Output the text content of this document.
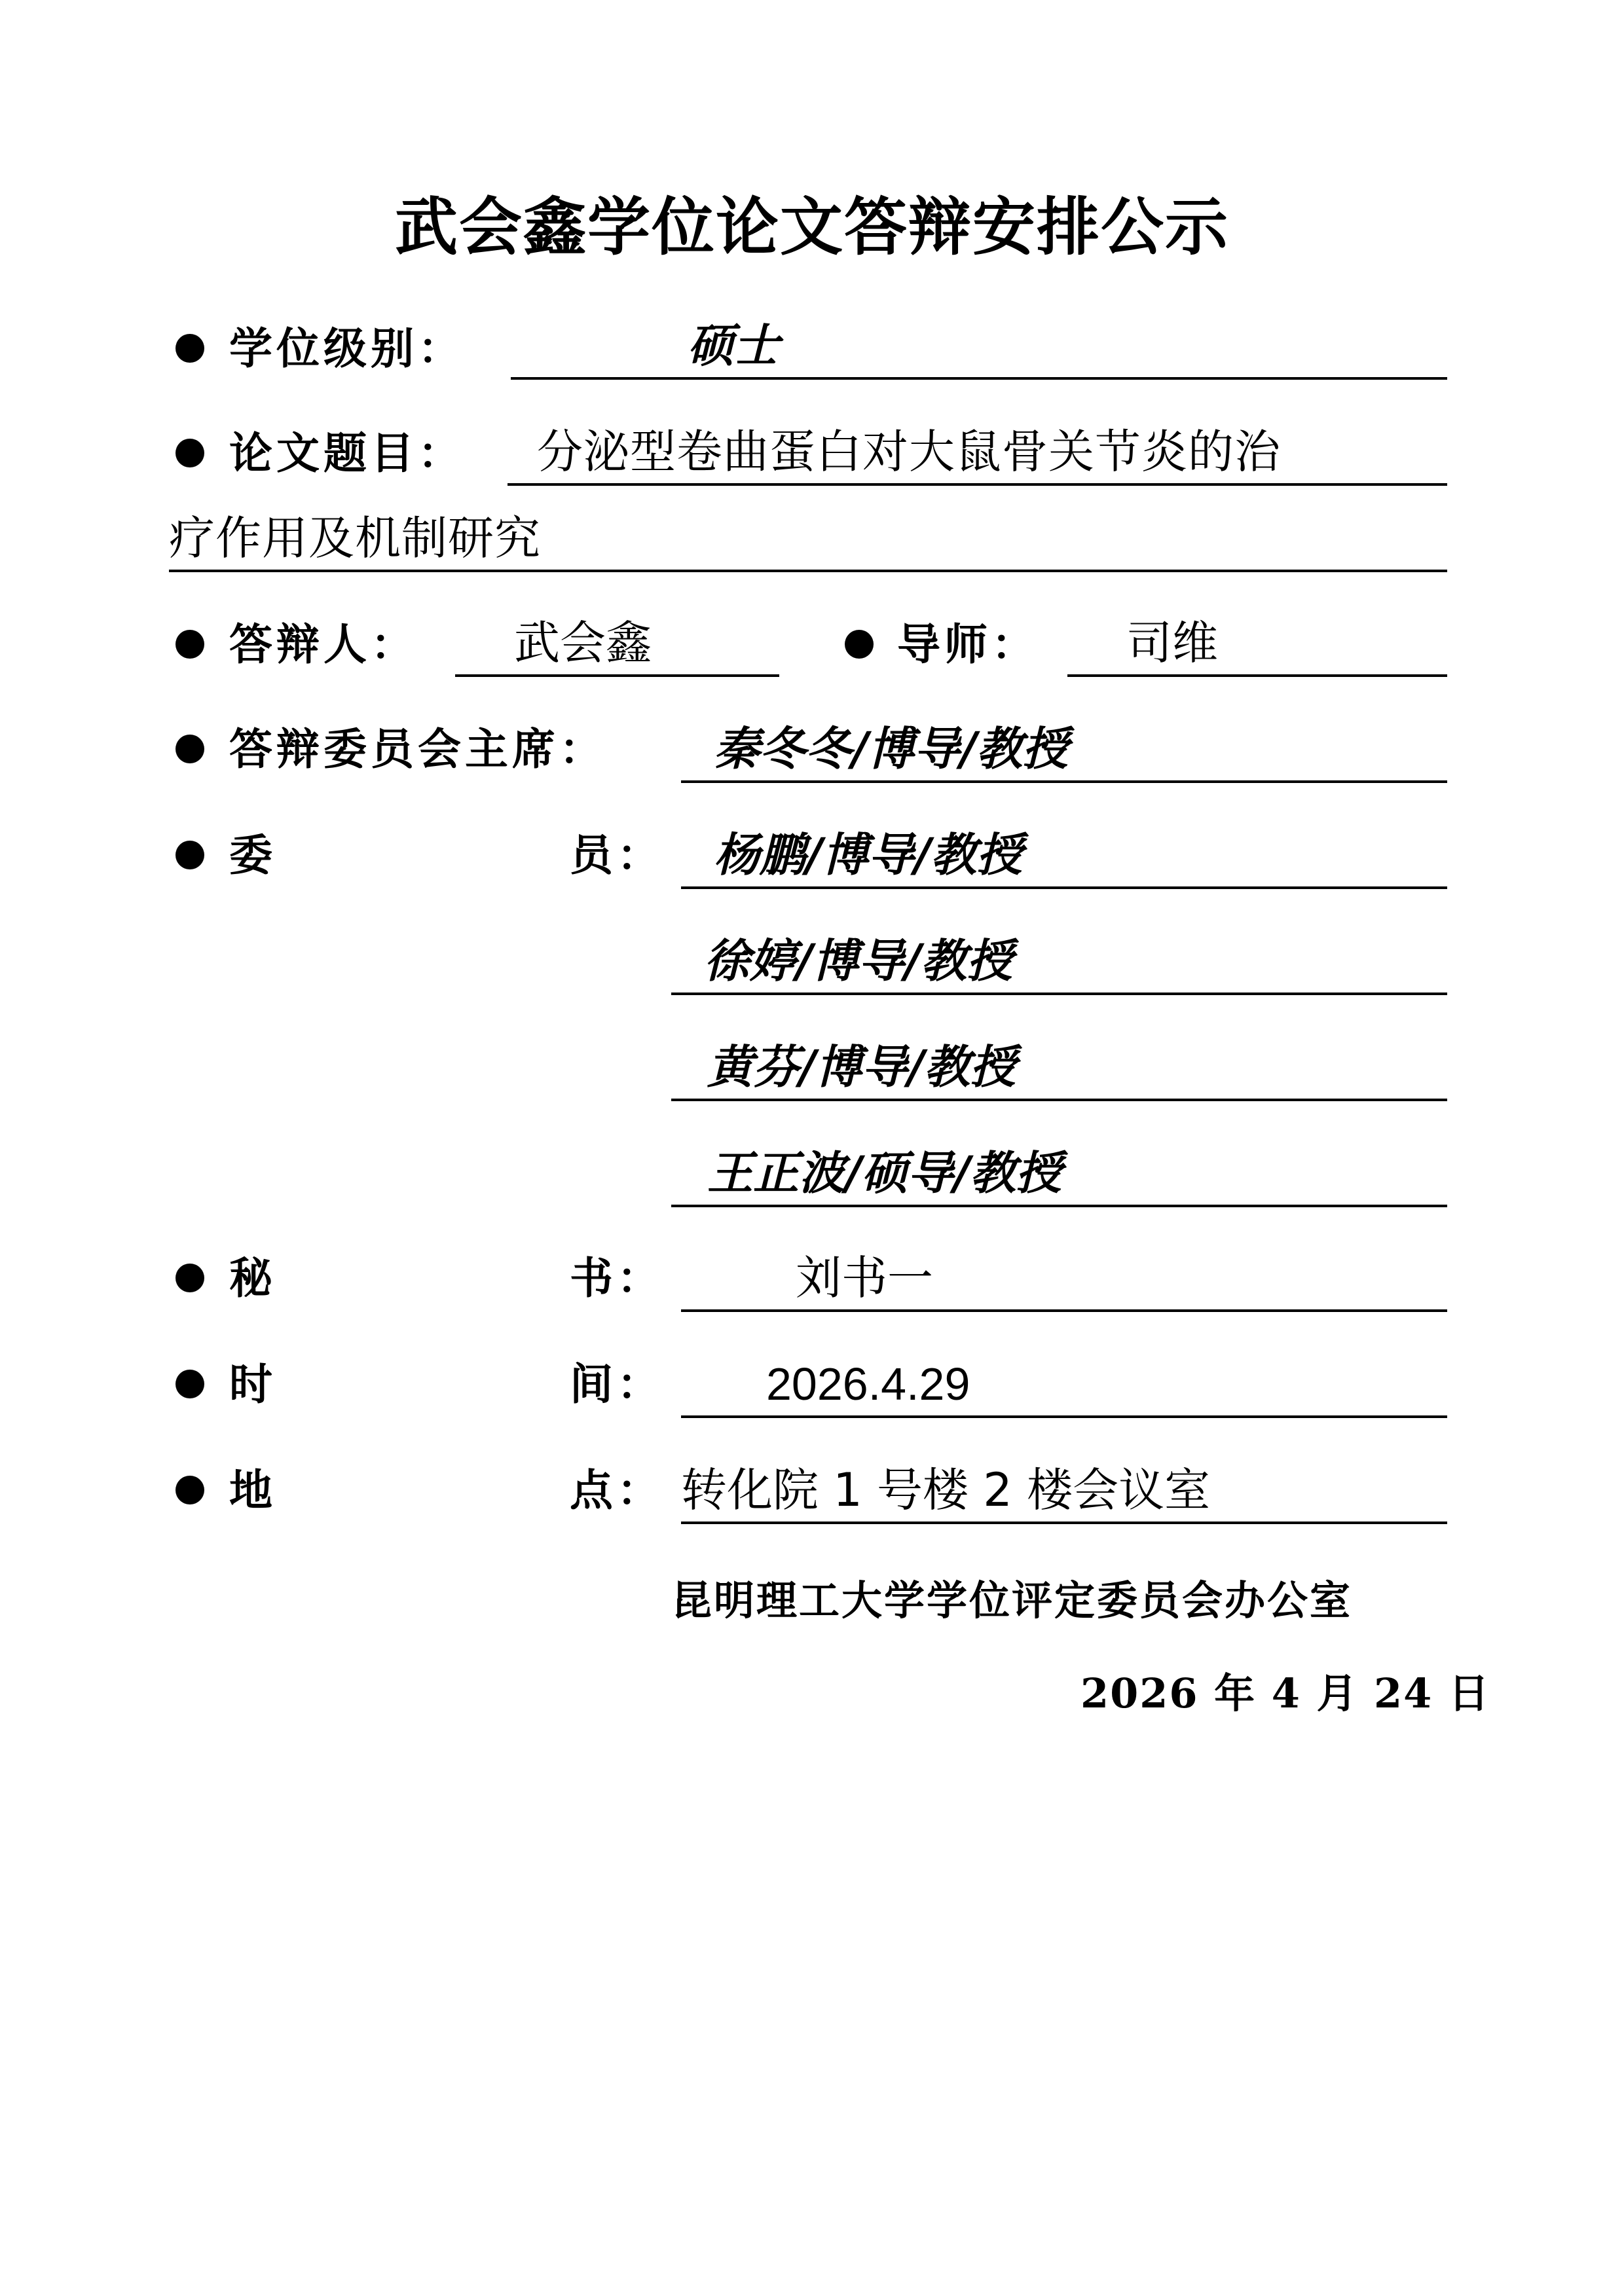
武会鑫学位论文答辩安排公示
学位级别：	硕士
论文题目： 分泌型卷曲蛋白对大鼠骨关节炎的治
疗作用及机制研究
答辩人： 武会鑫	导师： 司维
答辩委员会主席： 秦冬冬/博导/教授
委	员： 杨鹏/博导/教授
徐婷/博导/教授
黄芬/博导/教授
王正波/硕导/教授
秘	书：	刘书一
时	间： 2026.4.29
地	点： 转化院 1 号楼 2 楼会议室
昆明理工大学学位评定委员会办公室
2026 年 4 月 24 日
